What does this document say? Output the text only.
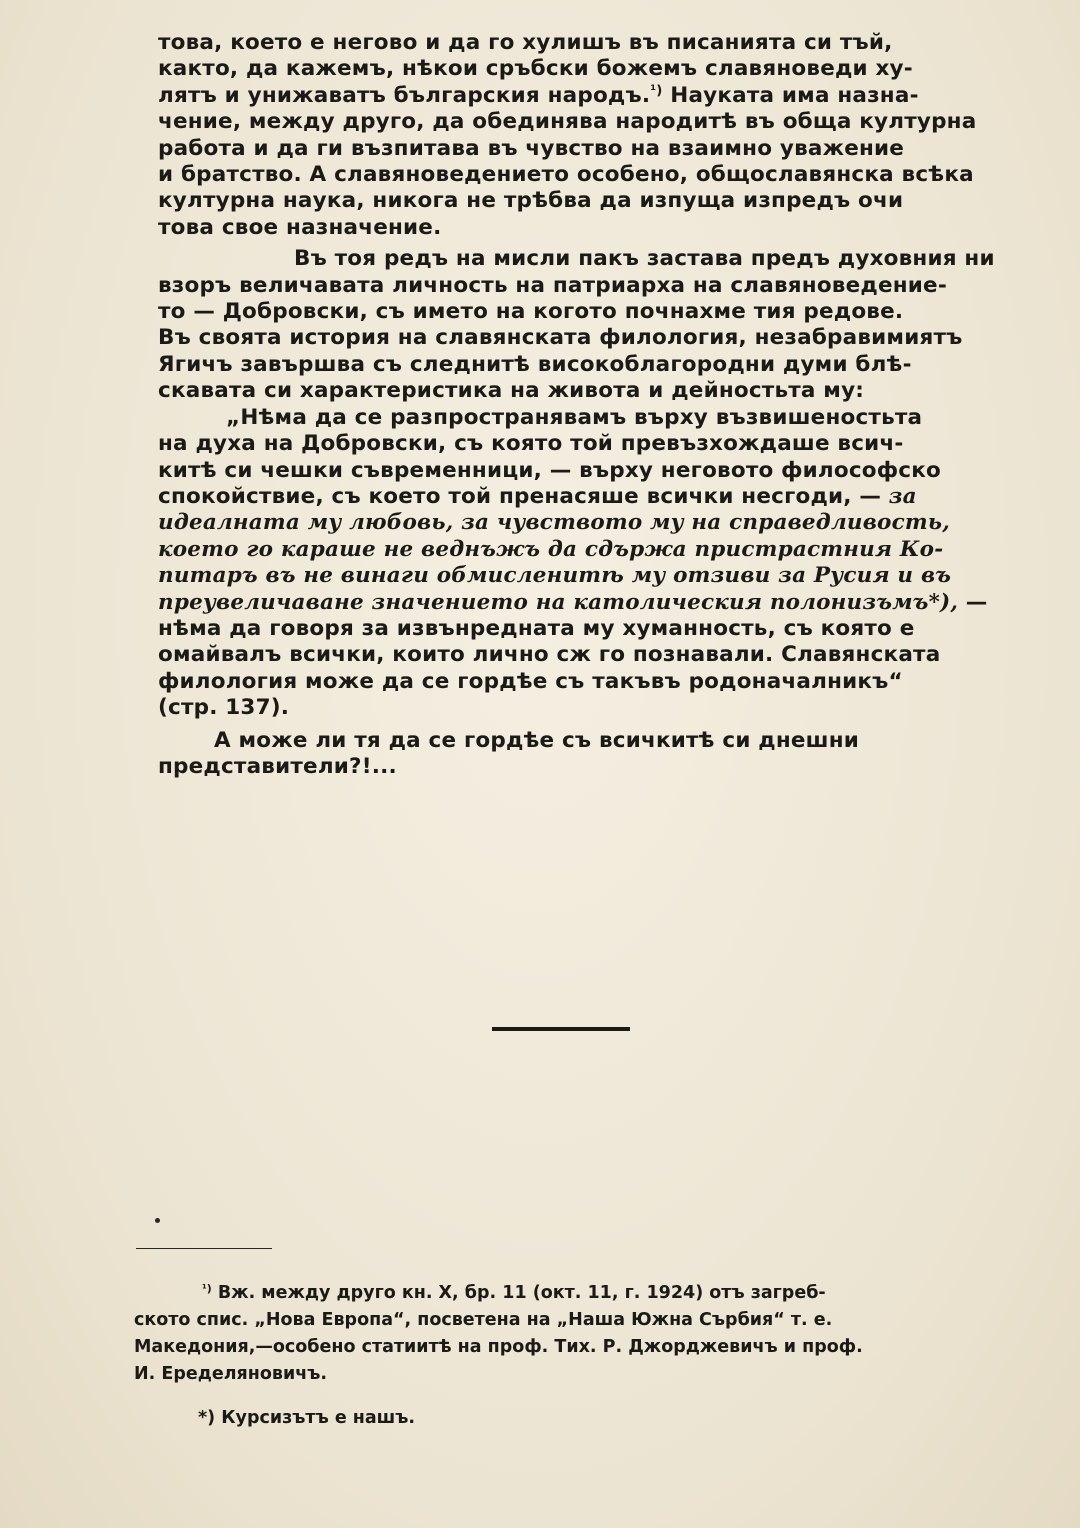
това, което е негово и да го хулишъ въ писанията си тъй,
както, да кажемъ, нѣкои сръбски божемъ славяноведи ху-
лятъ и унижаватъ българския народъ.$^{^1)}$ Науката има назна-
чение, между друго, да обединява народитѣ въ обща културна
работа и да ги възпитава въ чувство на взаимно уважение
и братство. А славяноведението особено, общославянска всѣка
културна наука, никога не трѣбва да изпуща изпредъ очи
това свое назначение.

Въ тоя редъ на мисли пакъ застава предъ духовния ни
взоръ величавата личность на патриарха на славяноведение-
то — Добровски, съ името на когото почнахме тия редове.
Въ своята история на славянската филология, незабравимиятъ
Ягичъ завършва съ следнитѣ високоблагородни думи блѣ-
скавата си характеристика на живота и дейностьта му:

„Нѣма да се разпространявамъ върху възвишеностьта
на духа на Добровски, съ която той превъзхождаше всич-
китѣ си чешки съвременници, — върху неговото философско
спокойствие, съ което той пренасяше всички несгоди, — за
идеалната му любовь, за чувството му на справедливость,
което го караше не веднъжъ да сдържа пристрастния Ко-
питаръ въ не винаги обмисленитѣ му отзиви за Русия и въ
преувеличаване значението на католическия полонизъмъ*), —
нѣма да говоря за извънредната му хуманность, съ която е
омайвалъ всички, които лично сж го познавали. Славянската
филология може да се гордѣе съ такъвъ родоначалникъ“
(стр. 137).

А може ли тя да се гордѣе съ всичкитѣ си днешни
представители?!...

$^{^1)}$ Вж. между друго кн. X, бр. 11 (окт. 11, г. 1924) отъ загреб-
ското спис. „Нова Европа“, посветена на „Наша Южна Сърбия“ т. е.
Македония,—особено статиитѣ на проф. Тих. Р. Джорджевичъ и проф.
И. Еределяновичъ.

*) Курсизътъ е нашъ.
